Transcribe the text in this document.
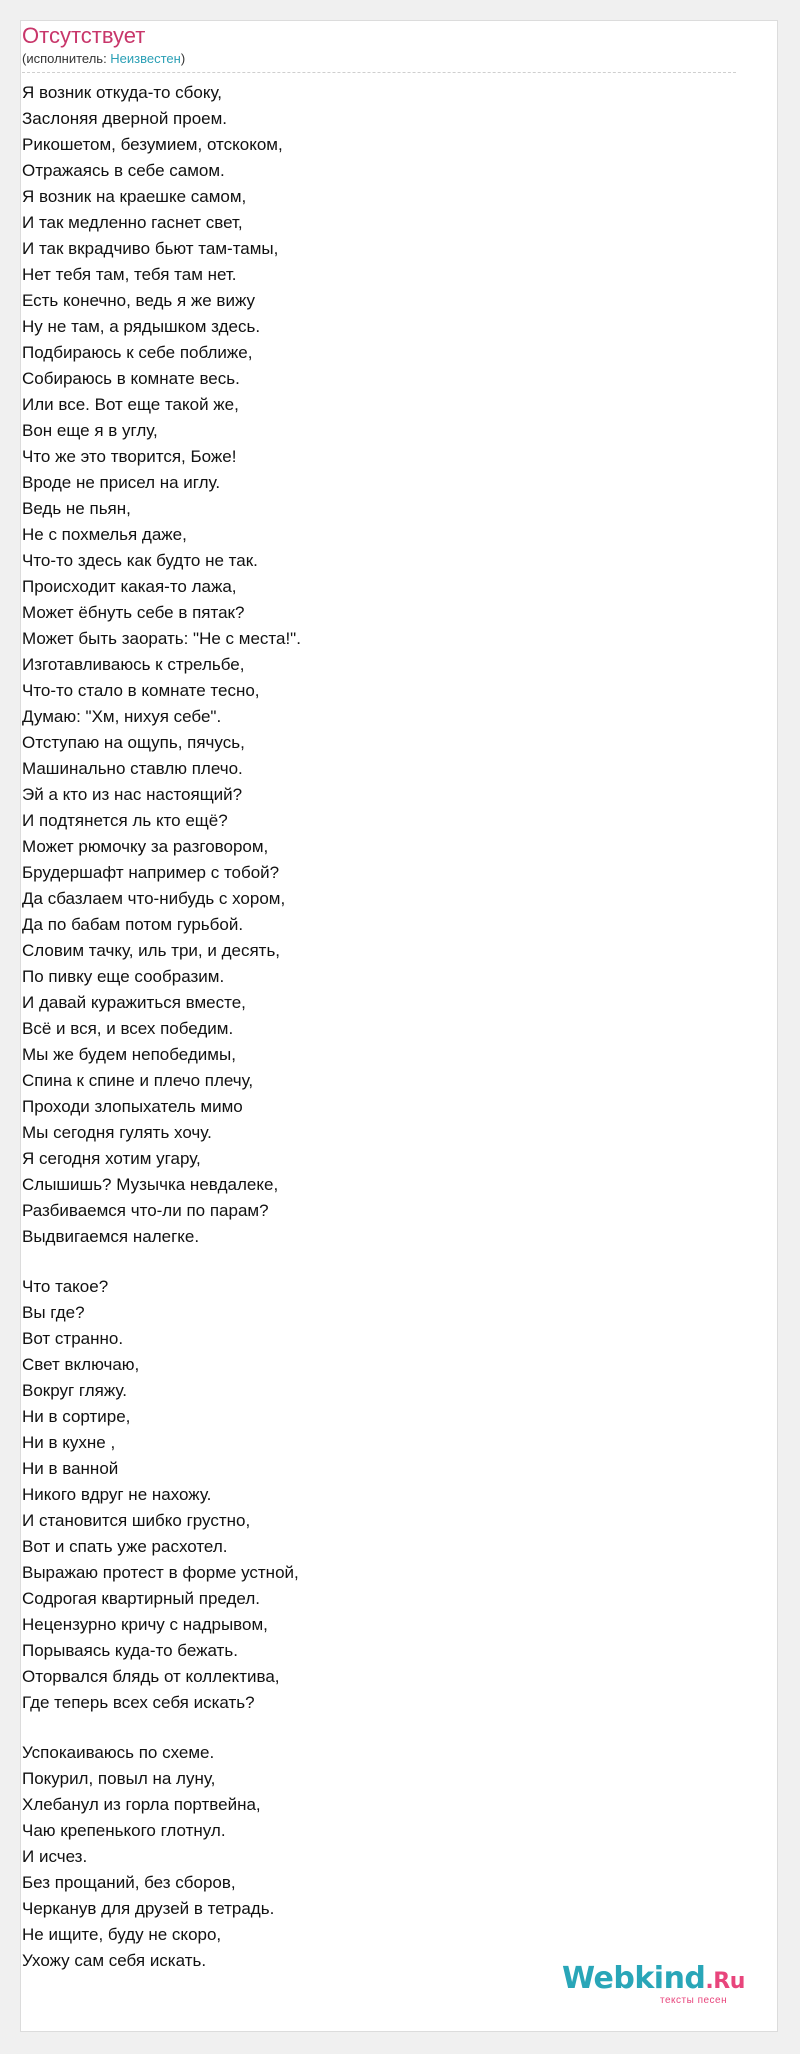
Отсутствует
(исполнитель: Неизвестен)
Я возник откуда-то сбоку,
Заслоняя дверной проем.
Рикошетом, безумием, отскоком,
Отражаясь в себе самом.
Я возник на краешке самом,
И так медленно гаснет свет,
И так вкрадчиво бьют там-тамы,
Нет тебя там, тебя там нет.
Есть конечно, ведь я же вижу
Ну не там, а рядышком здесь.
Подбираюсь к себе поближе,
Собираюсь в комнате весь.
Или все. Вот еще такой же,
Вон еще я в углу,
Что же это творится, Боже!
Вроде не присел на иглу.
Ведь не пьян,
Не с похмелья даже,
Что-то здесь как будто не так.
Происходит какая-то лажа,
Может ёбнуть себе в пятак?
Может быть заорать: "Не с места!".
Изготавливаюсь к стрельбе,
Что-то стало в комнате тесно,
Думаю: "Хм, нихуя себе".
Отступаю на ощупь, пячусь,
Машинально ставлю плечо.
Эй а кто из нас настоящий?
И подтянется ль кто ещё?
Может рюмочку за разговором,
Брудершафт например с тобой?
Да сбазлаем что-нибудь с хором,
Да по бабам потом гурьбой.
Словим тачку, иль три, и десять,
По пивку еще сообразим.
И давай куражиться вместе,
Всё и вся, и всех победим.
Мы же будем непобедимы,
Спина к спине и плечо плечу,
Проходи злопыхатель мимо
Мы сегодня гулять хочу.
Я сегодня хотим угару,
Слышишь? Музычка невдалеке,
Разбиваемся что-ли по парам?
Выдвигаемся налегке.
Что такое?
Вы где?
Вот странно.
Свет включаю,
Вокруг гляжу.
Ни в сортире,
Ни в кухне ,
Ни в ванной
Никого вдруг не нахожу.
И становится шибко грустно,
Вот и спать уже расхотел.
Выражаю протест в форме устной,
Содрогая квартирный предел.
Нецензурно кричу с надрывом,
Порываясь куда-то бежать.
Оторвался блядь от коллектива,
Где теперь всех себя искать?
Успокаиваюсь по схеме.
Покурил, повыл на луну,
Хлебанул из горла портвейна,
Чаю крепенького глотнул.
И исчез.
Без прощаний, без сборов,
Черканув для друзей в тетрадь.
Не ищите, буду не скоро,
Ухожу сам себя искать.
Webkind.Ru
тексты песен
